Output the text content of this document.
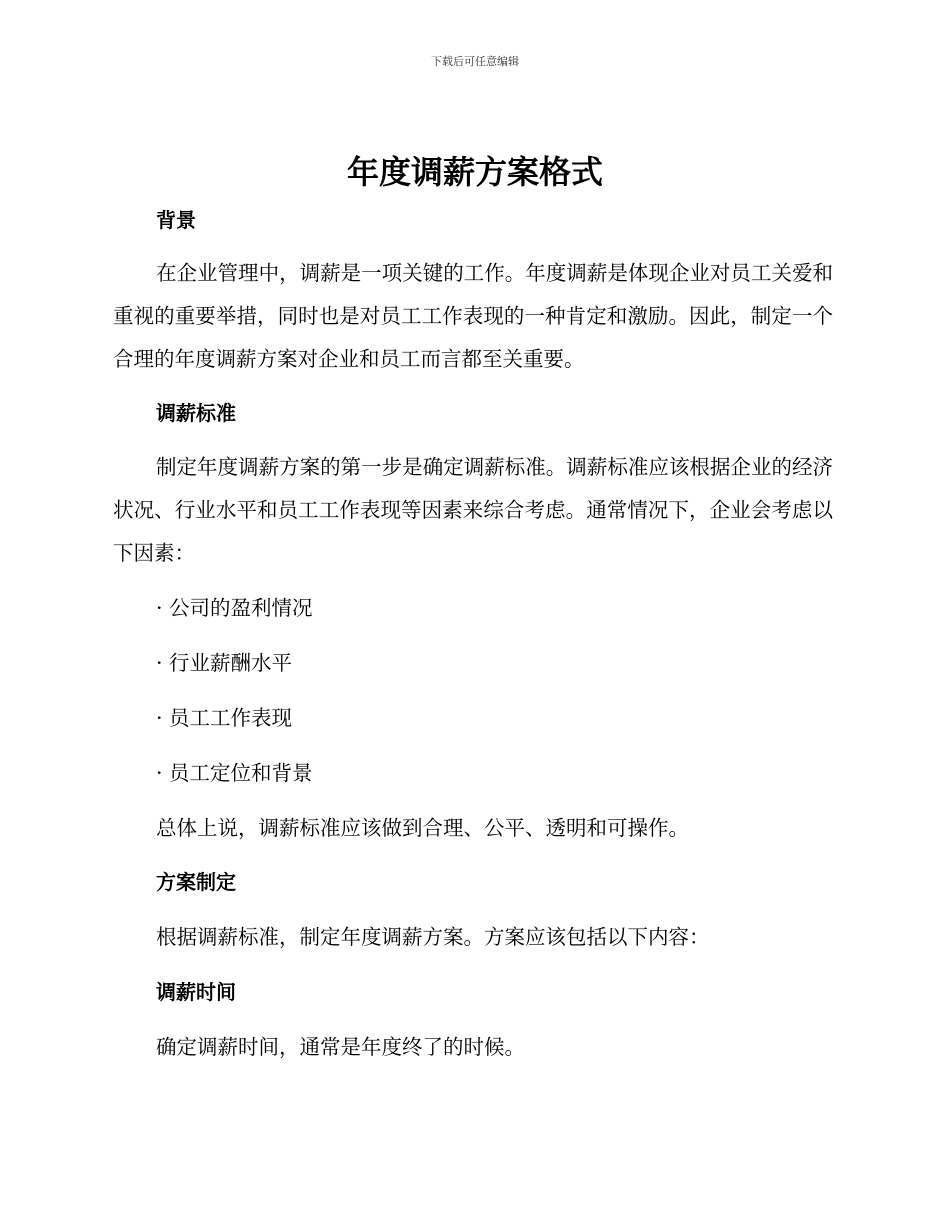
下载后可任意编辑
年度调薪方案格式
背景

在企业管理中，调薪是一项关键的工作。年度调薪是体现企业对员工关爱和重视的重要举措，同时也是对员工工作表现的一种肯定和激励。因此，制定一个合理的年度调薪方案对企业和员工而言都至关重要。

调薪标准

制定年度调薪方案的第一步是确定调薪标准。调薪标准应该根据企业的经济状况、行业水平和员工工作表现等因素来综合考虑。通常情况下，企业会考虑以下因素：

· 公司的盈利情况

· 行业薪酬水平

· 员工工作表现

· 员工定位和背景

总体上说，调薪标准应该做到合理、公平、透明和可操作。

方案制定

根据调薪标准，制定年度调薪方案。方案应该包括以下内容：

调薪时间

确定调薪时间，通常是年度终了的时候。
